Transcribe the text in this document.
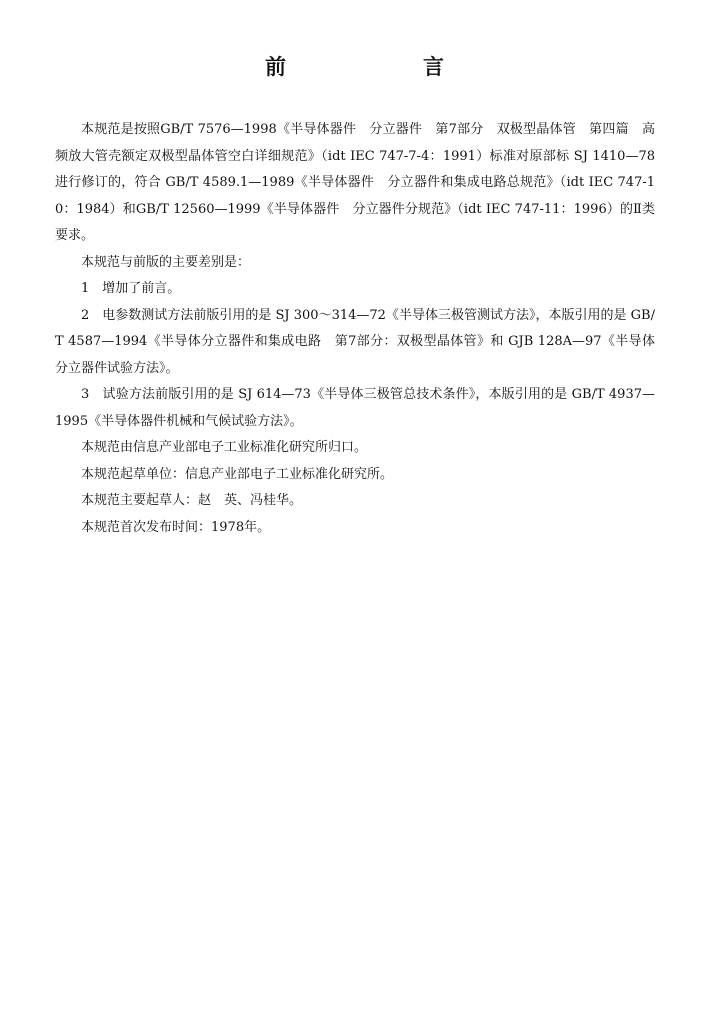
前　言

本规范是按照GB/T 7576—1998《半导体器件　分立器件　第7部分　双极型晶体管　第四篇　高频放大管壳额定双极型晶体管空白详细规范》（idt IEC 747-7-4：1991）标准对原部标 SJ 1410—78 进行修订的，符合 GB/T 4589.1—1989《半导体器件　分立器件和集成电路总规范》（idt IEC 747-10：1984）和GB/T 12560—1999《半导体器件　分立器件分规范》（idt IEC 747-11：1996）的Ⅱ类要求。

本规范与前版的主要差别是：

1　增加了前言。

2　电参数测试方法前版引用的是 SJ 300～314—72《半导体三极管测试方法》，本版引用的是 GB/T 4587—1994《半导体分立器件和集成电路　第7部分：双极型晶体管》和 GJB 128A—97《半导体分立器件试验方法》。

3　试验方法前版引用的是 SJ 614—73《半导体三极管总技术条件》，本版引用的是 GB/T 4937—1995《半导体器件机械和气候试验方法》。

本规范由信息产业部电子工业标准化研究所归口。

本规范起草单位：信息产业部电子工业标准化研究所。

本规范主要起草人：赵　英、冯桂华。

本规范首次发布时间：1978年。
